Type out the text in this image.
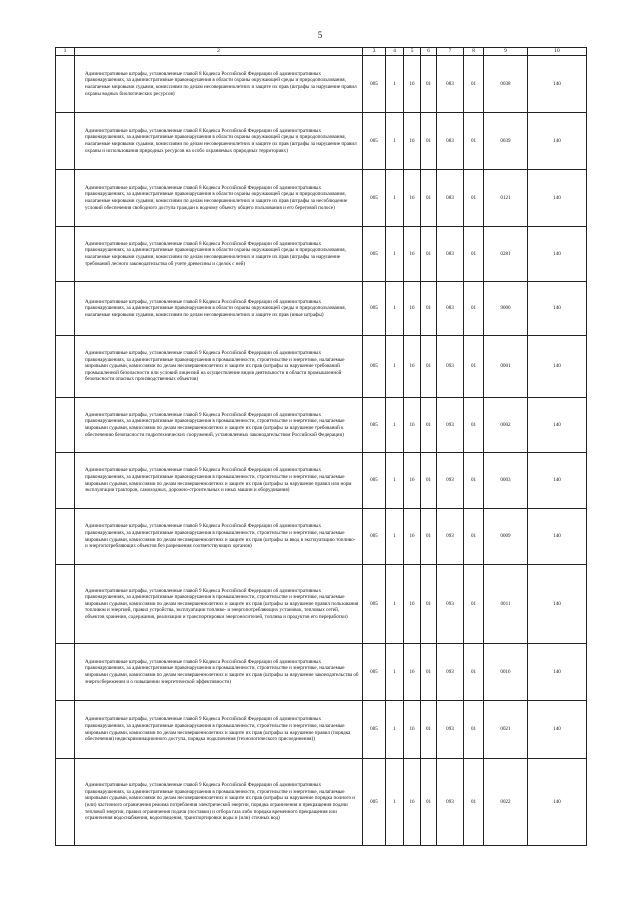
5
1	2	3	4	5	6	7	8	9	10
	Административные штрафы, установленные главой 8 Кодекса Российской Федерации об административных правонарушениях, за административные правонарушения в области охраны окружающей среды и природопользования, налагаемые мировыми судьями, комиссиями по делам несовершеннолетних и защите их прав (штрафы за нарушение правил охраны водных биологических ресурсов)	005	1	16	01	083	01	0038	140
	Административные штрафы, установленные главой 8 Кодекса Российской Федерации об административных правонарушениях, за административные правонарушения в области охраны окружающей среды и природопользования, налагаемые мировыми судьями, комиссиями по делам несовершеннолетних и защите их прав (штрафы за нарушение правил охраны и использования природных ресурсов на особо охраняемых природных территориях)	005	1	16	01	083	01	0039	140
	Административные штрафы, установленные главой 8 Кодекса Российской Федерации об административных правонарушениях, за административные правонарушения в области охраны окружающей среды и природопользования, налагаемые мировыми судьями, комиссиями по делам несовершеннолетних и защите их прав (штрафы за несоблюдение условий обеспечения свободного доступа граждан к водному объекту общего пользования и его береговой полосе)	005	1	16	01	083	01	0121	140
	Административные штрафы, установленные главой 8 Кодекса Российской Федерации об административных правонарушениях, за административные правонарушения в области охраны окружающей среды и природопользования, налагаемые мировыми судьями, комиссиями по делам несовершеннолетних и защите их прав (штрафы за нарушение требований лесного законодательства об учете древесины и сделок с ней)	005	1	16	01	083	01	0281	140
	Административные штрафы, установленные главой 8 Кодекса Российской Федерации об административных правонарушениях, за административные правонарушения в области охраны окружающей среды и природопользования, налагаемые мировыми судьями, комиссиями по делам несовершеннолетних и защите их прав (иные штрафы)	005	1	16	01	083	01	9000	140
	Административные штрафы, установленные главой 9 Кодекса Российской Федерации об административных правонарушениях, за административные правонарушения в промышленности, строительстве и энергетике, налагаемые мировыми судьями, комиссиями по делам несовершеннолетних и защите их прав (штрафы за нарушение требований промышленной безопасности или условий лицензий на осуществление видов деятельности в области промышленной безопасности опасных производственных объектов)	005	1	16	01	093	01	0001	140
	Административные штрафы, установленные главой 9 Кодекса Российской Федерации об административных правонарушениях, за административные правонарушения в промышленности, строительстве и энергетике, налагаемые мировыми судьями, комиссиями по делам несовершеннолетних и защите их прав (штрафы за нарушение требований к обеспечению безопасности гидротехнических сооружений, установленных законодательством Российской Федерации)	005	1	16	01	093	01	0002	140
	Административные штрафы, установленные главой 9 Кодекса Российской Федерации об административных правонарушениях, за административные правонарушения в промышленности, строительстве и энергетике, налагаемые мировыми судьями, комиссиями по делам несовершеннолетних и защите их прав (штрафы за нарушение правил или норм эксплуатации тракторов, самоходных, дорожно-строительных и иных машин и оборудования)	005	1	16	01	093	01	0003	140
	Административные штрафы, установленные главой 9 Кодекса Российской Федерации об административных правонарушениях, за административные правонарушения в промышленности, строительстве и энергетике, налагаемые мировыми судьями, комиссиями по делам несовершеннолетних и защите их прав (штрафы за ввод в эксплуатацию топливо- и энергопотребляющих объектов без разрешения соответствующих органов)	005	1	16	01	093	01	0009	140
	Административные штрафы, установленные главой 9 Кодекса Российской Федерации об административных правонарушениях, за административные правонарушения в промышленности, строительстве и энергетике, налагаемые мировыми судьями, комиссиями по делам несовершеннолетних и защите их прав (штрафы за нарушение правил пользования топливом и энергией, правил устройства, эксплуатации топливо- и энергопотребляющих установок, тепловых сетей, объектов хранения, содержания, реализации и транспортировки энергоносителей, топлива и продуктов его переработки)	005	1	16	01	093	01	0011	140
	Административные штрафы, установленные главой 9 Кодекса Российской Федерации об административных правонарушениях, за административные правонарушения в промышленности, строительстве и энергетике, налагаемые мировыми судьями, комиссиями по делам несовершеннолетних и защите их прав (штрафы за нарушение законодательства об энергосбережении и о повышении энергетической эффективности)	005	1	16	01	093	01	0016	140
	Административные штрафы, установленные главой 9 Кодекса Российской Федерации об административных правонарушениях, за административные правонарушения в промышленности, строительстве и энергетике, налагаемые мировыми судьями, комиссиями по делам несовершеннолетних и защите их прав (штрафы за нарушение правил (порядка обеспечения) недискриминационного доступа, порядка подключения (технологического присоединения))	005	1	16	01	093	01	0021	140
	Административные штрафы, установленные главой 9 Кодекса Российской Федерации об административных правонарушениях, за административные правонарушения в промышленности, строительстве и энергетике, налагаемые мировыми судьями, комиссиями по делам несовершеннолетних и защите их прав (штрафы за нарушение порядка полного и (или) частичного ограничения режима потребления электрической энергии, порядка ограничения и прекращения подачи тепловой энергии, правил ограничения подачи (поставки) и отбора газа либо порядка временного прекращения или ограничения водоснабжения, водоотведения, транспортировки воды и (или) сточных вод)	005	1	16	01	093	01	0022	140
